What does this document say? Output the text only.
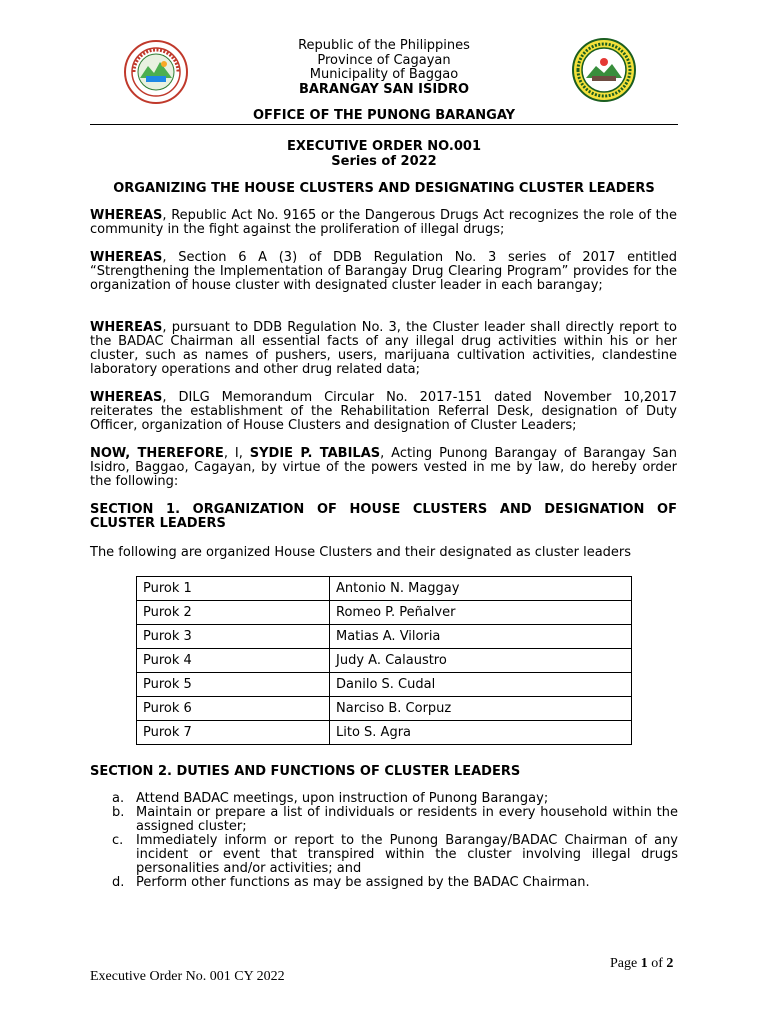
Republic of the Philippines
Province of Cagayan
Municipality of Baggao
BARANGAY SAN ISIDRO
OFFICE OF THE PUNONG BARANGAY
EXECUTIVE ORDER NO.001
Series of 2022
ORGANIZING THE HOUSE CLUSTERS AND DESIGNATING CLUSTER LEADERS
WHEREAS, Republic Act No. 9165 or the Dangerous Drugs Act recognizes the role of the community in the fight against the proliferation of illegal drugs;
WHEREAS, Section 6 A (3) of DDB Regulation No. 3 series of 2017 entitled “Strengthening the Implementation of Barangay Drug Clearing Program” provides for the organization of house cluster with designated cluster leader in each barangay;
WHEREAS, pursuant to DDB Regulation No. 3, the Cluster leader shall directly report to the BADAC Chairman all essential facts of any illegal drug activities within his or her cluster, such as names of pushers, users, marijuana cultivation activities, clandestine laboratory operations and other drug related data;
WHEREAS, DILG Memorandum Circular No. 2017-151 dated November 10,2017 reiterates the establishment of the Rehabilitation Referral Desk, designation of Duty Officer, organization of House Clusters and designation of Cluster Leaders;
NOW, THEREFORE, I, SYDIE P. TABILAS, Acting Punong Barangay of Barangay San Isidro, Baggao, Cagayan, by virtue of the powers vested in me by law, do hereby order the following:
SECTION 1. ORGANIZATION OF HOUSE CLUSTERS AND DESIGNATION OF CLUSTER LEADERS
The following are organized House Clusters and their designated as cluster leaders
Purok 1	Antonio N. Maggay
Purok 2	Romeo P. Peñalver
Purok 3	Matias A. Viloria
Purok 4	Judy A. Calaustro
Purok 5	Danilo S. Cudal
Purok 6	Narciso B. Corpuz
Purok 7	Lito S. Agra
SECTION 2. DUTIES AND FUNCTIONS OF CLUSTER LEADERS
a. Attend BADAC meetings, upon instruction of Punong Barangay;
b. Maintain or prepare a list of individuals or residents in every household within the assigned cluster;
c. Immediately inform or report to the Punong Barangay/BADAC Chairman of any incident or event that transpired within the cluster involving illegal drugs personalities and/or activities; and
d. Perform other functions as may be assigned by the BADAC Chairman.
Page 1 of 2
Executive Order No. 001 CY 2022
